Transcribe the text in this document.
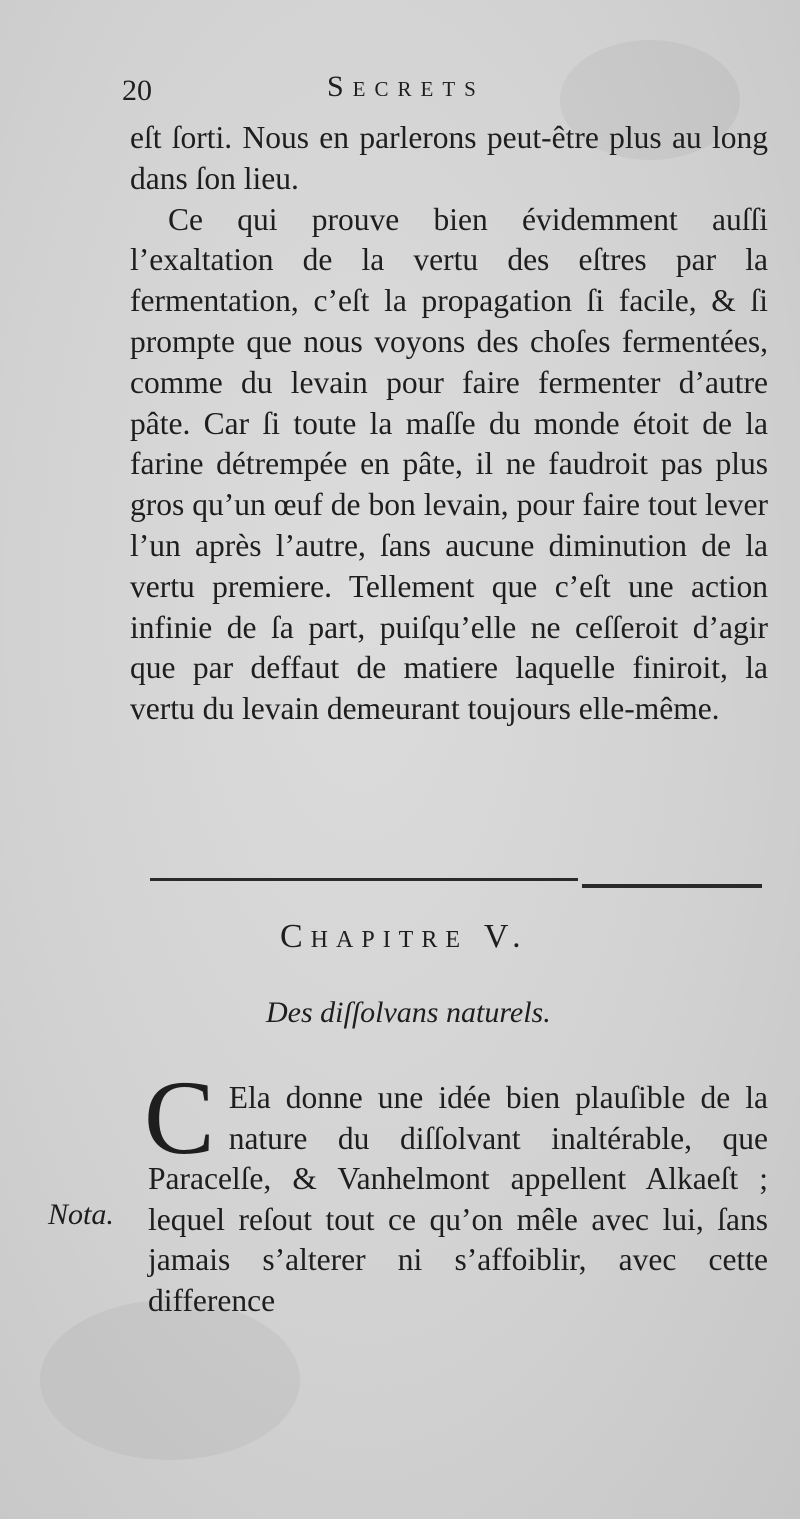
20	Secrets

eſt ſorti. Nous en parlerons peut-être plus au long dans ſon lieu.

Ce qui prouve bien évidemment auſſi l’exaltation de la vertu des eſtres par la fermentation, c’eſt la propagation ſi facile, & ſi prompte que nous voyons des choſes fermentées, comme du levain pour faire fermenter d’autre pâte. Car ſi toute la maſſe du monde étoit de la farine détrempée en pâte, il ne faudroit pas plus gros qu’un œuf de bon levain, pour faire tout lever l’un après l’autre, ſans aucune diminution de la vertu premiere. Tellement que c’eſt une action infinie de ſa part, puiſqu’elle ne ceſſeroit d’agir que par deffaut de matiere laquelle finiroit, la vertu du levain demeurant toujours elle-même.

Chapitre V.
Des diſſolvans naturels.
C Ela donne une idée bien plauſible de la nature du diſſolvant inaltérable, que Paracelſe, & Vanhelmont appellent Alkaeſt ; lequel reſout tout ce qu’on mêle avec lui, ſans jamais s’alterer ni s’affoiblir, avec cette difference
Nota.
